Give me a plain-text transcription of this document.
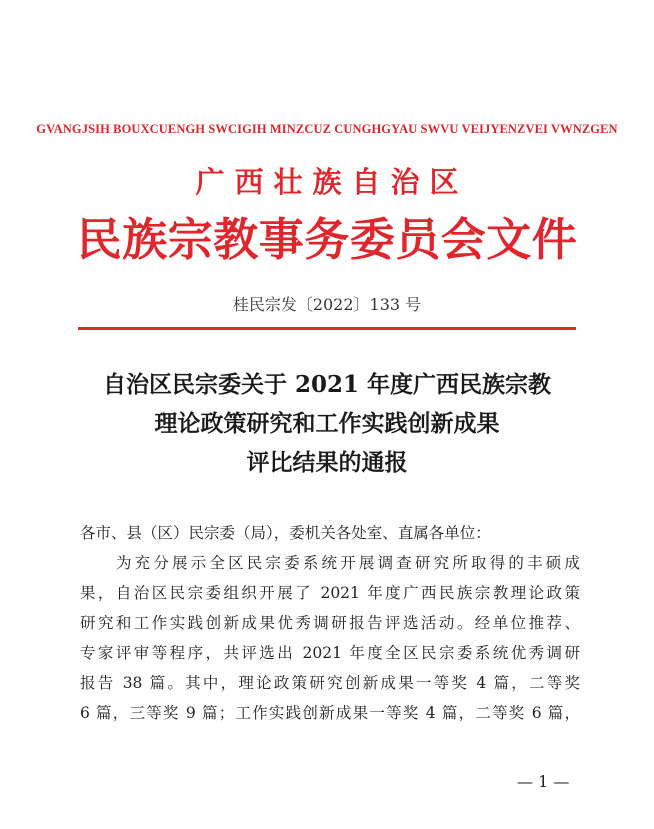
GVANGJSIH BOUXCUENGH SWCIGIH MINZCUZ CUNGHGYAU SWVU VEIJYENZVEI VWNZGEN
广西壮族自治区
民族宗教事务委员会文件
桂民宗发〔2022〕133 号
自治区民宗委关于 2021 年度广西民族宗教
理论政策研究和工作实践创新成果
评比结果的通报
各市、县（区）民宗委（局），委机关各处室、直属各单位：
为充分展示全区民宗委系统开展调查研究所取得的丰硕成
果，自治区民宗委组织开展了 2021 年度广西民族宗教理论政策
研究和工作实践创新成果优秀调研报告评选活动。经单位推荐、
专家评审等程序，共评选出 2021 年度全区民宗委系统优秀调研
报告 38 篇。其中，理论政策研究创新成果一等奖 4 篇，二等奖
6 篇，三等奖 9 篇；工作实践创新成果一等奖 4 篇，二等奖 6 篇，
— 1 —
